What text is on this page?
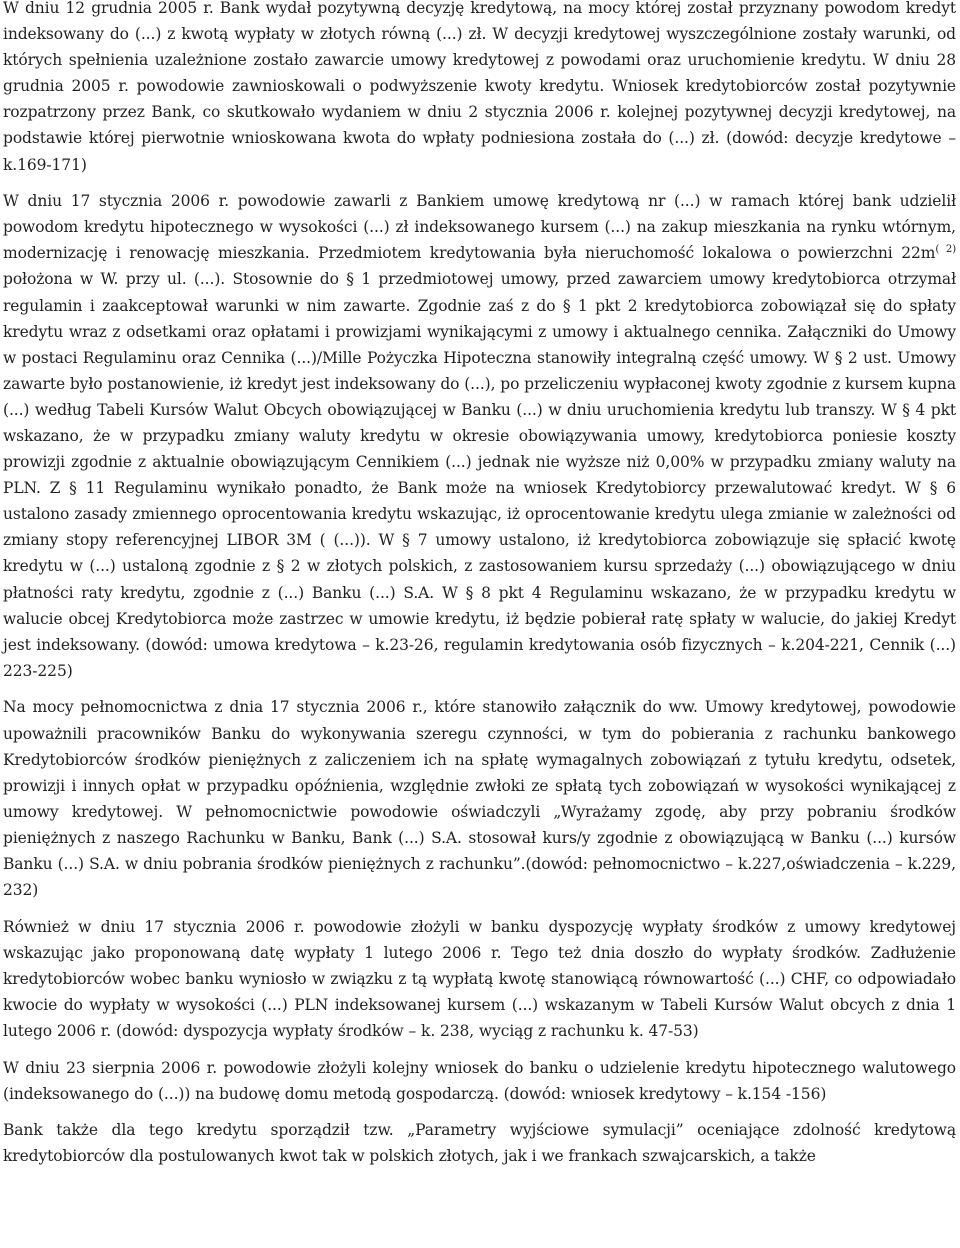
W dniu 12 grudnia 2005 r. Bank wydał pozytywną decyzję kredytową, na mocy której został przyznany powodom kredyt indeksowany do (...) z kwotą wypłaty w złotych równą (...) zł. W decyzji kredytowej wyszczególnione zostały warunki, od których spełnienia uzależnione zostało zawarcie umowy kredytowej z powodami oraz uruchomienie kredytu. W dniu 28 grudnia 2005 r. powodowie zawnioskowali o podwyższenie kwoty kredytu. Wniosek kredytobiorców został pozytywnie rozpatrzony przez Bank, co skutkowało wydaniem w dniu 2 stycznia 2006 r. kolejnej pozytywnej decyzji kredytowej, na podstawie której pierwotnie wnioskowana kwota do wpłaty podniesiona została do (...) zł. (dowód: decyzje kredytowe – k.169-171)

W dniu 17 stycznia 2006 r. powodowie zawarli z Bankiem umowę kredytową nr (...) w ramach której bank udzielił powodom kredytu hipotecznego w wysokości (...) zł indeksowanego kursem (...) na zakup mieszkania na rynku wtórnym, modernizację i renowację mieszkania. Przedmiotem kredytowania była nieruchomość lokalowa o powierzchni $22m^{( 2)}$ położona w W. przy ul. (...). Stosownie do § 1 przedmiotowej umowy, przed zawarciem umowy kredytobiorca otrzymał regulamin i zaakceptował warunki w nim zawarte. Zgodnie zaś z do § 1 pkt 2 kredytobiorca zobowiązał się do spłaty kredytu wraz z odsetkami oraz opłatami i prowizjami wynikającymi z umowy i aktualnego cennika. Załączniki do Umowy w postaci Regulaminu oraz Cennika (...)/Mille Pożyczka Hipoteczna stanowiły integralną część umowy. W § 2 ust. Umowy zawarte było postanowienie, iż kredyt jest indeksowany do (...), po przeliczeniu wypłaconej kwoty zgodnie z kursem kupna (...) według Tabeli Kursów Walut Obcych obowiązującej w Banku (...) w dniu uruchomienia kredytu lub transzy. W § 4 pkt wskazano, że w przypadku zmiany waluty kredytu w okresie obowiązywania umowy, kredytobiorca poniesie koszty prowizji zgodnie z aktualnie obowiązującym Cennikiem (...) jednak nie wyższe niż 0,00% w przypadku zmiany waluty na PLN. Z § 11 Regulaminu wynikało ponadto, że Bank może na wniosek Kredytobiorcy przewalutować kredyt. W § 6 ustalono zasady zmiennego oprocentowania kredytu wskazując, iż oprocentowanie kredytu ulega zmianie w zależności od zmiany stopy referencyjnej LIBOR 3M ( (...)). W § 7 umowy ustalono, iż kredytobiorca zobowiązuje się spłacić kwotę kredytu w (...) ustaloną zgodnie z § 2 w złotych polskich, z zastosowaniem kursu sprzedaży (...) obowiązującego w dniu płatności raty kredytu, zgodnie z (...) Banku (...) S.A. W § 8 pkt 4 Regulaminu wskazano, że w przypadku kredytu w walucie obcej Kredytobiorca może zastrzec w umowie kredytu, iż będzie pobierał ratę spłaty w walucie, do jakiej Kredyt jest indeksowany. (dowód: umowa kredytowa – k.23-26, regulamin kredytowania osób fizycznych – k.204-221, Cennik (...) 223-225)

Na mocy pełnomocnictwa z dnia 17 stycznia 2006 r., które stanowiło załącznik do ww. Umowy kredytowej, powodowie upoważnili pracowników Banku do wykonywania szeregu czynności, w tym do pobierania z rachunku bankowego Kredytobiorców środków pieniężnych z zaliczeniem ich na spłatę wymagalnych zobowiązań z tytułu kredytu, odsetek, prowizji i innych opłat w przypadku opóźnienia, względnie zwłoki ze spłatą tych zobowiązań w wysokości wynikającej z umowy kredytowej. W pełnomocnictwie powodowie oświadczyli „Wyrażamy zgodę, aby przy pobraniu środków pieniężnych z naszego Rachunku w Banku, Bank (...) S.A. stosował kurs/y zgodnie z obowiązującą w Banku (...) kursów Banku (...) S.A. w dniu pobrania środków pieniężnych z rachunku”.(dowód: pełnomocnictwo – k.227,oświadczenia – k.229, 232)

Również w dniu 17 stycznia 2006 r. powodowie złożyli w banku dyspozycję wypłaty środków z umowy kredytowej wskazując jako proponowaną datę wypłaty 1 lutego 2006 r. Tego też dnia doszło do wypłaty środków. Zadłużenie kredytobiorców wobec banku wyniosło w związku z tą wypłatą kwotę stanowiącą równowartość (...) CHF, co odpowiadało kwocie do wypłaty w wysokości (...) PLN indeksowanej kursem (...) wskazanym w Tabeli Kursów Walut obcych z dnia 1 lutego 2006 r. (dowód: dyspozycja wypłaty środków – k. 238, wyciąg z rachunku k. 47-53)

W dniu 23 sierpnia 2006 r. powodowie złożyli kolejny wniosek do banku o udzielenie kredytu hipotecznego walutowego (indeksowanego do (...)) na budowę domu metodą gospodarczą. (dowód: wniosek kredytowy – k.154 -156)

Bank także dla tego kredytu sporządził tzw. „Parametry wyjściowe symulacji” oceniające zdolność kredytową kredytobiorców dla postulowanych kwot tak w polskich złotych, jak i we frankach szwajcarskich, a także
